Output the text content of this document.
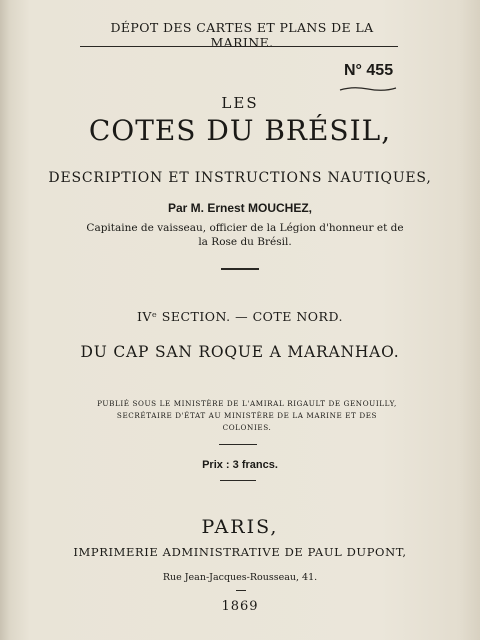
DÉPOT DES CARTES ET PLANS DE LA MARINE.
N° 455
LES
COTES DU BRÉSIL,
DESCRIPTION ET INSTRUCTIONS NAUTIQUES,
Par M. Ernest MOUCHEZ,
Capitaine de vaisseau, officier de la Légion d'honneur et de la Rose du Brésil.
IVᵉ SECTION. — COTE NORD.
DU CAP SAN ROQUE A MARANHAO.
PUBLIÉ SOUS LE MINISTÈRE DE L'AMIRAL RIGAULT DE GENOUILLY, SECRÉTAIRE D'ÉTAT AU MINISTÈRE DE LA MARINE ET DES COLONIES.
Prix : 3 francs.
PARIS,
IMPRIMERIE ADMINISTRATIVE DE PAUL DUPONT,
Rue Jean-Jacques-Rousseau, 41.
1869
